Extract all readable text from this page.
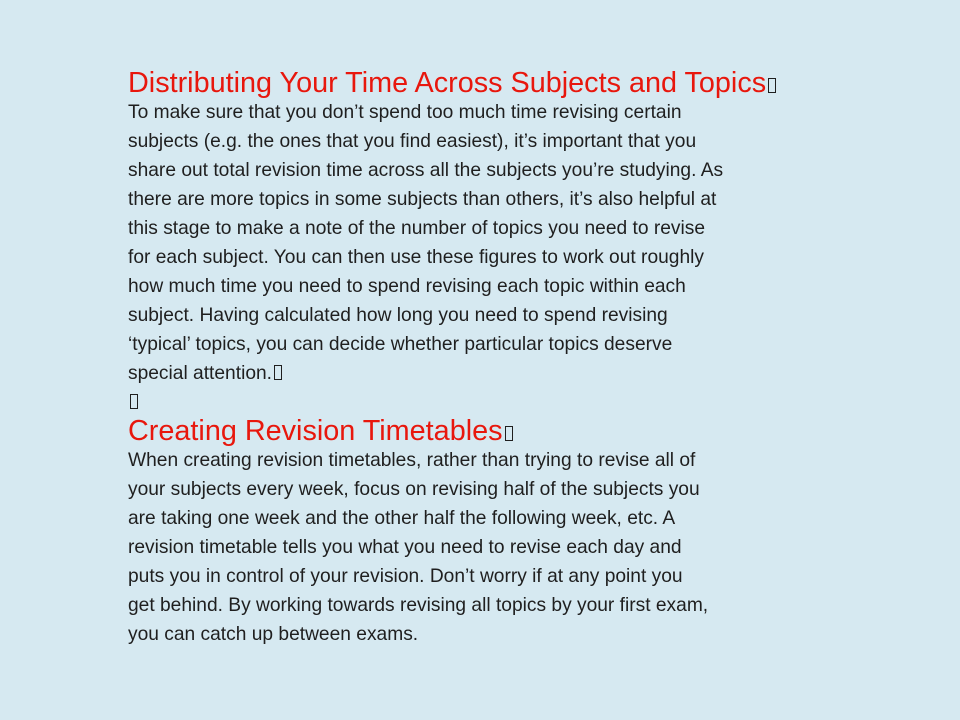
Distributing Your Time Across Subjects and Topics

To make sure that you don’t spend too much time revising certain
subjects (e.g. the ones that you find easiest), it’s important that you
share out total revision time across all the subjects you’re studying. As
there are more topics in some subjects than others, it’s also helpful at
this stage to make a note of the number of topics you need to revise
for each subject. You can then use these figures to work out roughly
how much time you need to spend revising each topic within each
subject. Having calculated how long you need to spend revising
‘typical’ topics, you can decide whether particular topics deserve
special attention.

Creating Revision Timetables

When creating revision timetables, rather than trying to revise all of
your subjects every week, focus on revising half of the subjects you
are taking one week and the other half the following week, etc. A
revision timetable tells you what you need to revise each day and
puts you in control of your revision. Don’t worry if at any point you
get behind. By working towards revising all topics by your first exam,
you can catch up between exams.
